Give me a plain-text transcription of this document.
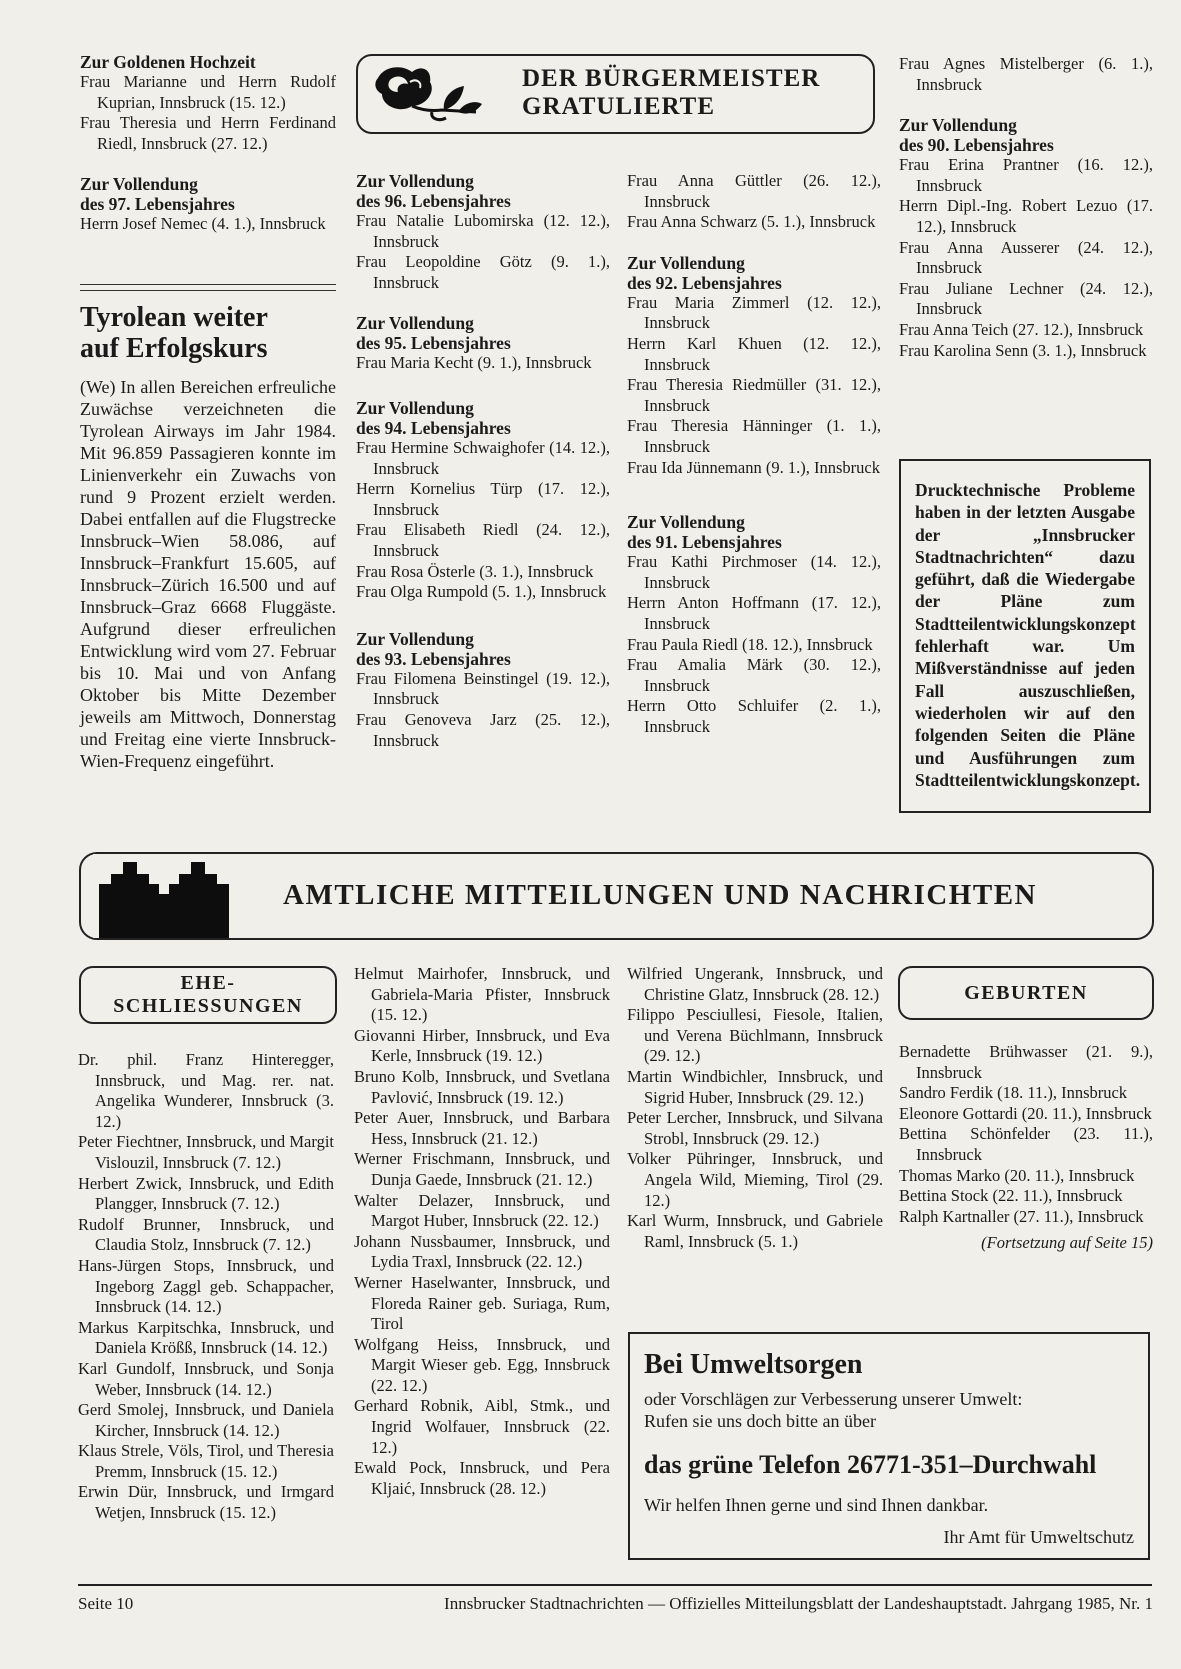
Zur Goldenen Hochzeit

Frau Marianne und Herrn Rudolf Kuprian, Innsbruck (15. 12.)

Frau Theresia und Herrn Ferdinand Riedl, Innsbruck (27. 12.)

Zur Vollendung

des 97. Lebensjahres

Herrn Josef Nemec (4. 1.), Innsbruck

Tyrolean weiter
auf Erfolgskurs

(We) In allen Bereichen erfreuliche Zuwächse verzeichneten die Tyrolean Airways im Jahr 1984. Mit 96.859 Passagieren konnte im Linienverkehr ein Zuwachs von rund 9 Prozent erzielt werden. Dabei entfallen auf die Flugstrecke Innsbruck–Wien 58.086, auf Innsbruck–Frankfurt 15.605, auf Innsbruck–Zürich 16.500 und auf Innsbruck–Graz 6668 Fluggäste. Aufgrund dieser erfreulichen Entwicklung wird vom 27. Februar bis 10. Mai und von Anfang Oktober bis Mitte Dezember jeweils am Mittwoch, Donnerstag und Freitag eine vierte Innsbruck-Wien-Frequenz eingeführt.

DER BÜRGERMEISTER
GRATULIERTE

Zur Vollendung

des 96. Lebensjahres

Frau Natalie Lubomirska (12. 12.), Innsbruck

Frau Leopoldine Götz (9. 1.), Innsbruck

Zur Vollendung

des 95. Lebensjahres

Frau Maria Kecht (9. 1.), Innsbruck

Zur Vollendung

des 94. Lebensjahres

Frau Hermine Schwaighofer (14. 12.), Innsbruck

Herrn Kornelius Türp (17. 12.), Innsbruck

Frau Elisabeth Riedl (24. 12.), Innsbruck

Frau Rosa Österle (3. 1.), Innsbruck

Frau Olga Rumpold (5. 1.), Innsbruck

Zur Vollendung

des 93. Lebensjahres

Frau Filomena Beinstingel (19. 12.), Innsbruck

Frau Genoveva Jarz (25. 12.), Innsbruck

Frau Anna Güttler (26. 12.), Innsbruck

Frau Anna Schwarz (5. 1.), Innsbruck

Zur Vollendung

des 92. Lebensjahres

Frau Maria Zimmerl (12. 12.), Innsbruck

Herrn Karl Khuen (12. 12.), Innsbruck

Frau Theresia Riedmüller (31. 12.), Innsbruck

Frau Theresia Hänninger (1. 1.), Innsbruck

Frau Ida Jünnemann (9. 1.), Innsbruck

Zur Vollendung

des 91. Lebensjahres

Frau Kathi Pirchmoser (14. 12.), Innsbruck

Herrn Anton Hoffmann (17. 12.), Innsbruck

Frau Paula Riedl (18. 12.), Innsbruck

Frau Amalia Märk (30. 12.), Innsbruck

Herrn Otto Schluifer (2. 1.), Innsbruck

Frau Agnes Mistelberger (6. 1.), Innsbruck

Zur Vollendung

des 90. Lebensjahres

Frau Erina Prantner (16. 12.), Innsbruck

Herrn Dipl.-Ing. Robert Lezuo (17. 12.), Innsbruck

Frau Anna Ausserer (24. 12.), Innsbruck

Frau Juliane Lechner (24. 12.), Innsbruck

Frau Anna Teich (27. 12.), Innsbruck

Frau Karolina Senn (3. 1.), Innsbruck

Drucktechnische Probleme haben in der letzten Ausgabe der „Innsbrucker Stadtnachrichten“ dazu geführt, daß die Wiedergabe der Pläne zum Stadtteilentwicklungskonzept fehlerhaft war. Um Mißverständnisse auf jeden Fall auszuschließen, wiederholen wir auf den folgenden Seiten die Pläne und Ausführungen zum Stadtteilentwicklungskonzept.
AMTLICHE MITTEILUNGEN UND NACHRICHTEN
EHE-
SCHLIESSUNGEN

Dr. phil. Franz Hinteregger, Innsbruck, und Mag. rer. nat. Angelika Wunderer, Innsbruck (3. 12.)

Peter Fiechtner, Innsbruck, und Margit Vislouzil, Innsbruck (7. 12.)

Herbert Zwick, Innsbruck, und Edith Plangger, Innsbruck (7. 12.)

Rudolf Brunner, Innsbruck, und Claudia Stolz, Innsbruck (7. 12.)

Hans-Jürgen Stops, Innsbruck, und Ingeborg Zaggl geb. Schappacher, Innsbruck (14. 12.)

Markus Karpitschka, Innsbruck, und Daniela Krößß, Innsbruck (14. 12.)

Karl Gundolf, Innsbruck, und Sonja Weber, Innsbruck (14. 12.)

Gerd Smolej, Innsbruck, und Daniela Kircher, Innsbruck (14. 12.)

Klaus Strele, Völs, Tirol, und Theresia Premm, Innsbruck (15. 12.)

Erwin Dür, Innsbruck, und Irmgard Wetjen, Innsbruck (15. 12.)

Helmut Mairhofer, Innsbruck, und Gabriela-Maria Pfister, Innsbruck (15. 12.)

Giovanni Hirber, Innsbruck, und Eva Kerle, Innsbruck (19. 12.)

Bruno Kolb, Innsbruck, und Svetlana Pavlović, Innsbruck (19. 12.)

Peter Auer, Innsbruck, und Barbara Hess, Innsbruck (21. 12.)

Werner Frischmann, Innsbruck, und Dunja Gaede, Innsbruck (21. 12.)

Walter Delazer, Innsbruck, und Margot Huber, Innsbruck (22. 12.)

Johann Nussbaumer, Innsbruck, und Lydia Traxl, Innsbruck (22. 12.)

Werner Haselwanter, Innsbruck, und Floreda Rainer geb. Suriaga, Rum, Tirol

Wolfgang Heiss, Innsbruck, und Margit Wieser geb. Egg, Innsbruck (22. 12.)

Gerhard Robnik, Aibl, Stmk., und Ingrid Wolfauer, Innsbruck (22. 12.)

Ewald Pock, Innsbruck, und Pera Kljaić, Innsbruck (28. 12.)

Wilfried Ungerank, Innsbruck, und Christine Glatz, Innsbruck (28. 12.)

Filippo Pesciullesi, Fiesole, Italien, und Verena Büchlmann, Innsbruck (29. 12.)

Martin Windbichler, Innsbruck, und Sigrid Huber, Innsbruck (29. 12.)

Peter Lercher, Innsbruck, und Silvana Strobl, Innsbruck (29. 12.)

Volker Pühringer, Innsbruck, und Angela Wild, Mieming, Tirol (29. 12.)

Karl Wurm, Innsbruck, und Gabriele Raml, Innsbruck (5. 1.)

GEBURTEN

Bernadette Brühwasser (21. 9.), Innsbruck

Sandro Ferdik (18. 11.), Innsbruck

Eleonore Gottardi (20. 11.), Innsbruck

Bettina Schönfelder (23. 11.), Innsbruck

Thomas Marko (20. 11.), Innsbruck

Bettina Stock (22. 11.), Innsbruck

Ralph Kartnaller (27. 11.), Innsbruck

(Fortsetzung auf Seite 15)

Bei Umweltsorgen
oder Vorschlägen zur Verbesserung unserer Umwelt:
Rufen sie uns doch bitte an über
das grüne Telefon 26771-351–Durchwahl
Wir helfen Ihnen gerne und sind Ihnen dankbar.
Ihr Amt für Umweltschutz
Seite 10	Innsbrucker Stadtnachrichten — Offizielles Mitteilungsblatt der Landeshauptstadt. Jahrgang 1985, Nr. 1
